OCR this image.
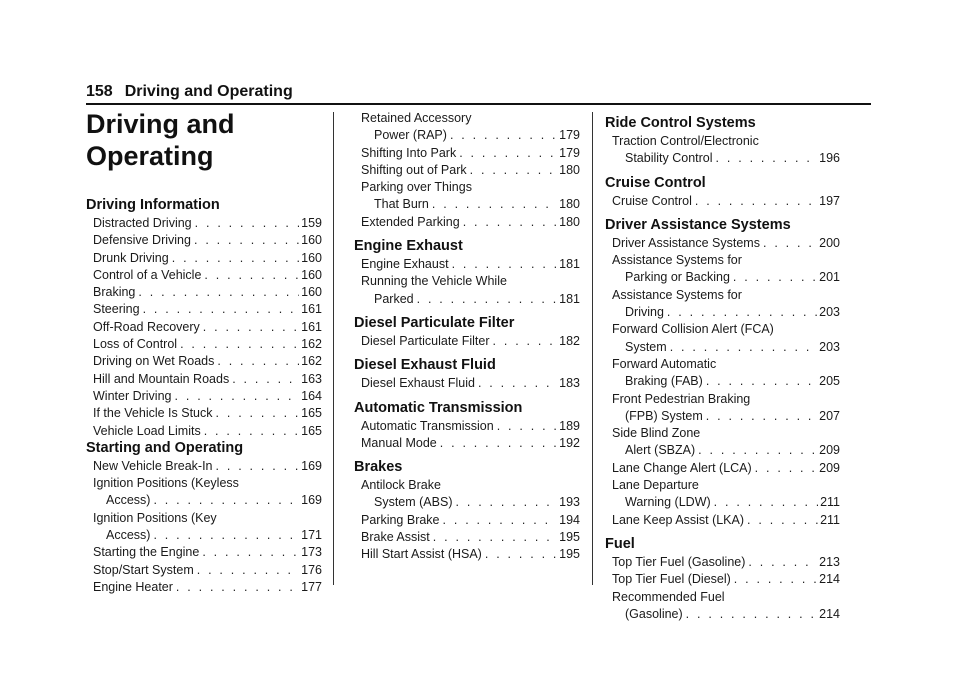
158 Driving and Operating
Driving and
Operating
Driving Information
Distracted Driving . . .	159
Defensive Driving . . .	160
Drunk Driving . . .	160
Control of a Vehicle . . .	160
Braking . . .	160
Steering . . .	161
Off-Road Recovery . . .	161
Loss of Control . . .	162
Driving on Wet Roads . . .	162
Hill and Mountain Roads . . .	163
Winter Driving . . .	164
If the Vehicle Is Stuck . . .	165
Vehicle Load Limits . . .	165
Starting and Operating
New Vehicle Break-In . . .	169
Ignition Positions (Keyless
Access) . . .	169
Ignition Positions (Key
Access) . . .	171
Starting the Engine . . .	173
Stop/Start System . . .	176
Engine Heater . . .	177
Retained Accessory
Power (RAP) . . .	179
Shifting Into Park . . .	179
Shifting out of Park . . .	180
Parking over Things
That Burn . . .	180
Extended Parking . . .	180
Engine Exhaust
Engine Exhaust . . .	181
Running the Vehicle While
Parked . . .	181
Diesel Particulate Filter
Diesel Particulate Filter . . .	182
Diesel Exhaust Fluid
Diesel Exhaust Fluid . . .	183
Automatic Transmission
Automatic Transmission . . .	189
Manual Mode . . .	192
Brakes
Antilock Brake
System (ABS) . . .	193
Parking Brake . . .	194
Brake Assist . . .	195
Hill Start Assist (HSA) . . .	195
Ride Control Systems
Traction Control/Electronic
Stability Control . . .	196
Cruise Control
Cruise Control . . .	197
Driver Assistance Systems
Driver Assistance Systems . . .	200
Assistance Systems for
Parking or Backing . . .	201
Assistance Systems for
Driving . . .	203
Forward Collision Alert (FCA)
System . . .	203
Forward Automatic
Braking (FAB) . . .	205
Front Pedestrian Braking
(FPB) System . . .	207
Side Blind Zone
Alert (SBZA) . . .	209
Lane Change Alert (LCA) . . .	209
Lane Departure
Warning (LDW) . . .	211
Lane Keep Assist (LKA) . . .	211
Fuel
Top Tier Fuel (Gasoline) . . .	213
Top Tier Fuel (Diesel) . . .	214
Recommended Fuel
(Gasoline) . . .	214
